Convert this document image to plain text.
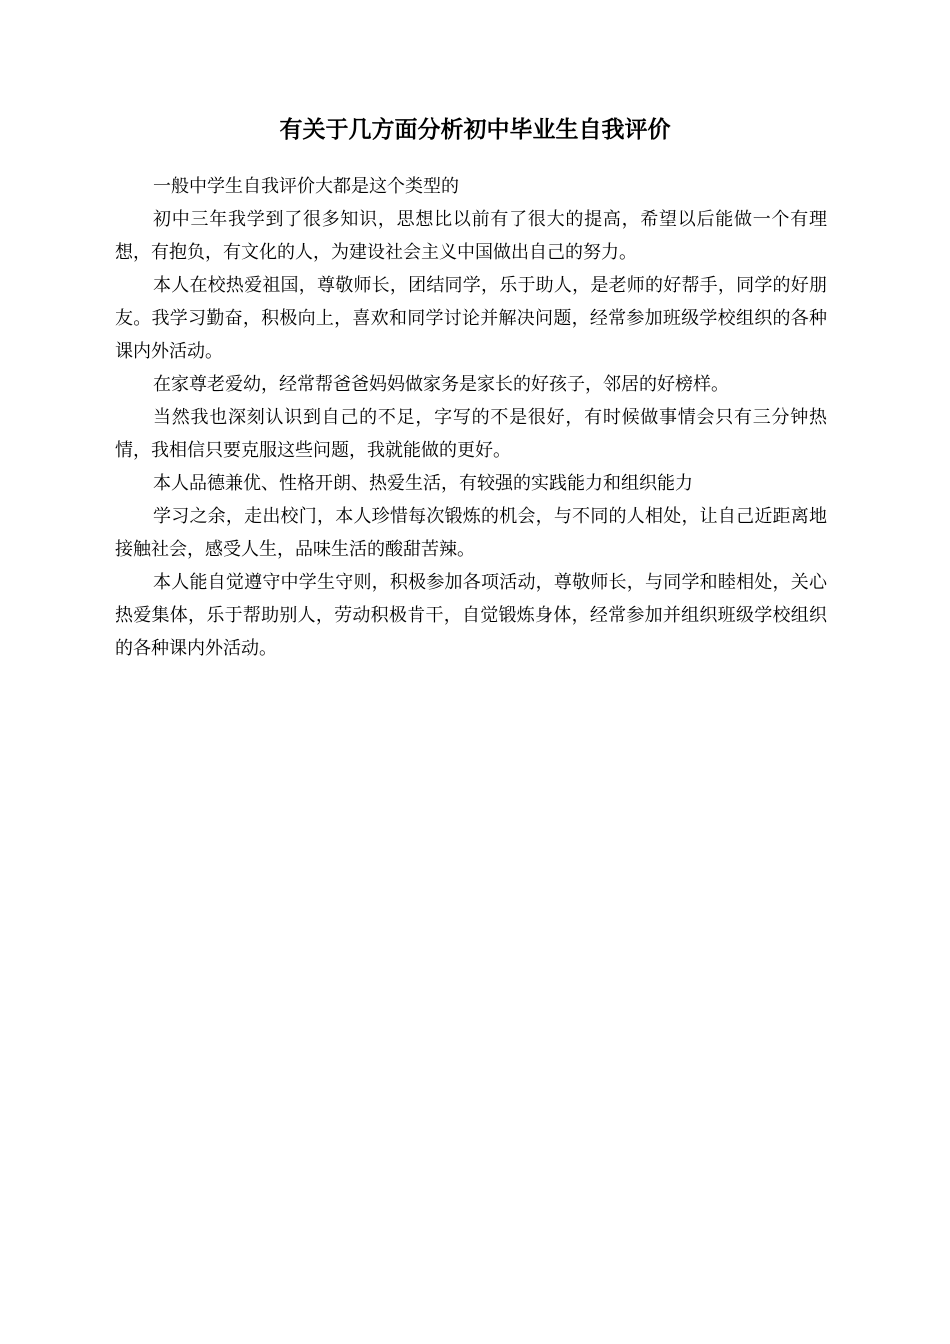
有关于几方面分析初中毕业生自我评价

一般中学生自我评价大都是这个类型的

初中三年我学到了很多知识，思想比以前有了很大的提高，希望以后能做一个有理想，有抱负，有文化的人，为建设社会主义中国做出自己的努力。

本人在校热爱祖国，尊敬师长，团结同学，乐于助人，是老师的好帮手，同学的好朋友。我学习勤奋，积极向上，喜欢和同学讨论并解决问题，经常参加班级学校组织的各种课内外活动。

在家尊老爱幼，经常帮爸爸妈妈做家务是家长的好孩子，邻居的好榜样。

当然我也深刻认识到自己的不足，字写的不是很好，有时候做事情会只有三分钟热情，我相信只要克服这些问题，我就能做的更好。

本人品德兼优、性格开朗、热爱生活，有较强的实践能力和组织能力

学习之余，走出校门，本人珍惜每次锻炼的机会，与不同的人相处，让自己近距离地接触社会，感受人生，品味生活的酸甜苦辣。

本人能自觉遵守中学生守则，积极参加各项活动，尊敬师长，与同学和睦相处，关心热爱集体，乐于帮助别人，劳动积极肯干，自觉锻炼身体，经常参加并组织班级学校组织的各种课内外活动。
